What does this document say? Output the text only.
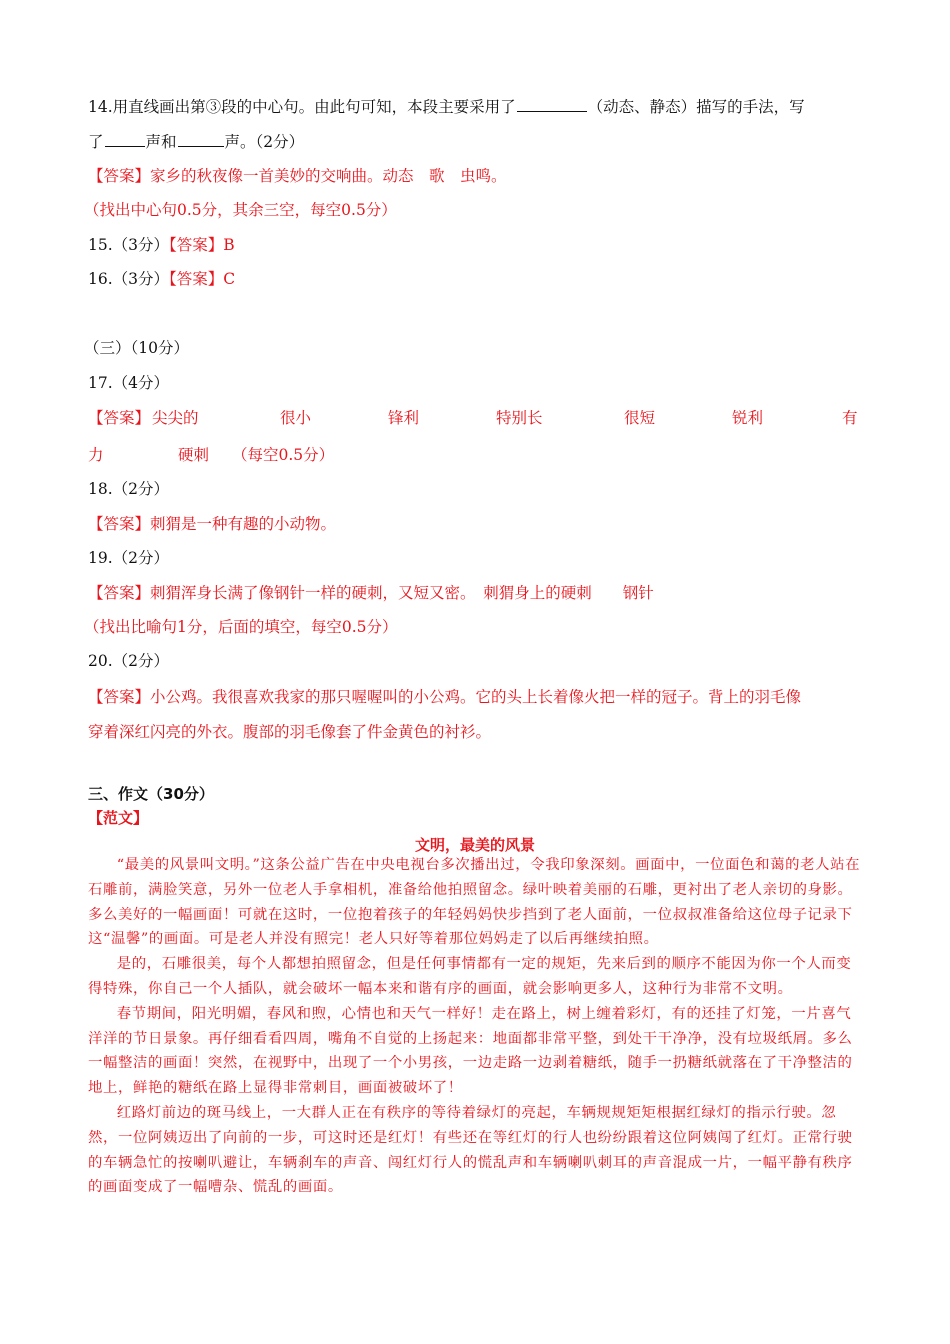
14.用直线画出第③段的中心句。由此句可知，本段主要采用了	（动态、静态）描写的手法，写
了	声和	声。（2分）
【答案】家乡的秋夜像一首美妙的交响曲。动态　歌　虫鸣。
（找出中心句0.5分，其余三空，每空0.5分）
15.（3分）【答案】B
16.（3分）【答案】C
（三）（10分）
17.（4分）
【答案】 尖尖的	很小	锋利	特别长	很短	锐利	有
力	硬刺 （每空0.5分）
18.（2分）
【答案】刺猬是一种有趣的小动物。
19.（2分）
【答案】刺猬浑身长满了像钢针一样的硬刺，又短又密。　刺猬身上的硬刺　　钢针
（找出比喻句1分，后面的填空，每空0.5分）
20.（2分）
【答案】小公鸡。我很喜欢我家的那只喔喔叫的小公鸡。它的头上长着像火把一样的冠子。背上的羽毛像
穿着深红闪亮的外衣。腹部的羽毛像套了件金黄色的衬衫。
三、作文（30分）
【范文】
文明，最美的风景

“最美的风景叫文明。”这条公益广告在中央电视台多次播出过，令我印象深刻。画面中，一位面色和蔼的老人站在石雕前，满脸笑意，另外一位老人手拿相机，准备给他拍照留念。绿叶映着美丽的石雕，更衬出了老人亲切的身影。多么美好的一幅画面！可就在这时，一位抱着孩子的年轻妈妈快步挡到了老人面前，一位叔叔准备给这位母子记录下这“温馨”的画面。可是老人并没有照完！老人只好等着那位妈妈走了以后再继续拍照。

是的，石雕很美，每个人都想拍照留念，但是任何事情都有一定的规矩，先来后到的顺序不能因为你一个人而变得特殊，你自己一个人插队，就会破坏一幅本来和谐有序的画面，就会影响更多人，这种行为非常不文明。

春节期间，阳光明媚，春风和煦，心情也和天气一样好！走在路上，树上缠着彩灯，有的还挂了灯笼，一片喜气洋洋的节日景象。再仔细看看四周，嘴角不自觉的上扬起来：地面都非常平整，到处干干净净，没有垃圾纸屑。多么一幅整洁的画面！突然，在视野中，出现了一个小男孩，一边走路一边剥着糖纸，随手一扔糖纸就落在了干净整洁的地上，鲜艳的糖纸在路上显得非常刺目，画面被破坏了！

红路灯前边的斑马线上，一大群人正在有秩序的等待着绿灯的亮起，车辆规规矩矩根据红绿灯的指示行驶。忽然，一位阿姨迈出了向前的一步，可这时还是红灯！有些还在等红灯的行人也纷纷跟着这位阿姨闯了红灯。正常行驶的车辆急忙的按喇叭避让，车辆刹车的声音、闯红灯行人的慌乱声和车辆喇叭刺耳的声音混成一片，一幅平静有秩序的画面变成了一幅嘈杂、慌乱的画面。
